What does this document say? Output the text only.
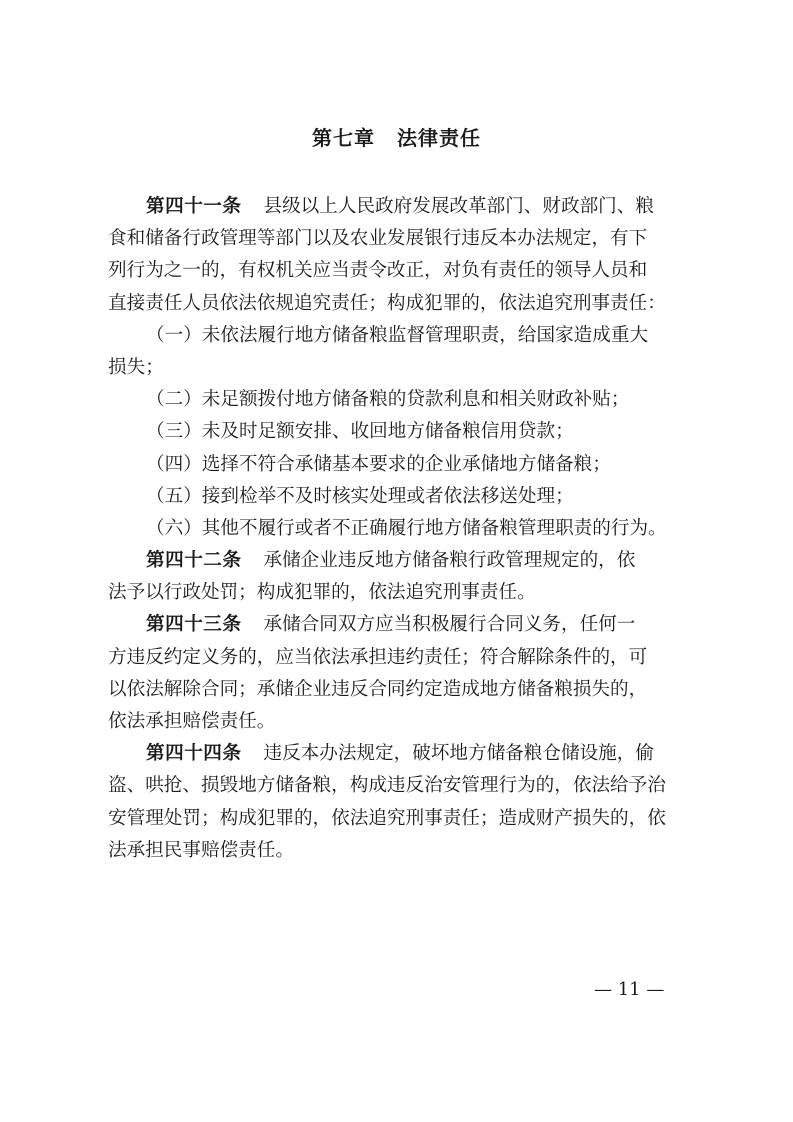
第七章 法律责任
第四十一条 县级以上人民政府发展改革部门、财政部门、粮
食和储备行政管理等部门以及农业发展银行违反本办法规定，有下
列行为之一的，有权机关应当责令改正，对负有责任的领导人员和
直接责任人员依法依规追究责任；构成犯罪的，依法追究刑事责任：
（一）未依法履行地方储备粮监督管理职责，给国家造成重大
损失；
（二）未足额拨付地方储备粮的贷款利息和相关财政补贴；
（三）未及时足额安排、收回地方储备粮信用贷款；
（四）选择不符合承储基本要求的企业承储地方储备粮；
（五）接到检举不及时核实处理或者依法移送处理；
（六）其他不履行或者不正确履行地方储备粮管理职责的行为。
第四十二条 承储企业违反地方储备粮行政管理规定的，依
法予以行政处罚；构成犯罪的，依法追究刑事责任。
第四十三条 承储合同双方应当积极履行合同义务，任何一
方违反约定义务的，应当依法承担违约责任；符合解除条件的，可
以依法解除合同；承储企业违反合同约定造成地方储备粮损失的，
依法承担赔偿责任。
第四十四条 违反本办法规定，破坏地方储备粮仓储设施，偷
盗、哄抢、损毁地方储备粮，构成违反治安管理行为的，依法给予治
安管理处罚；构成犯罪的，依法追究刑事责任；造成财产损失的，依
法承担民事赔偿责任。
— 11 —
